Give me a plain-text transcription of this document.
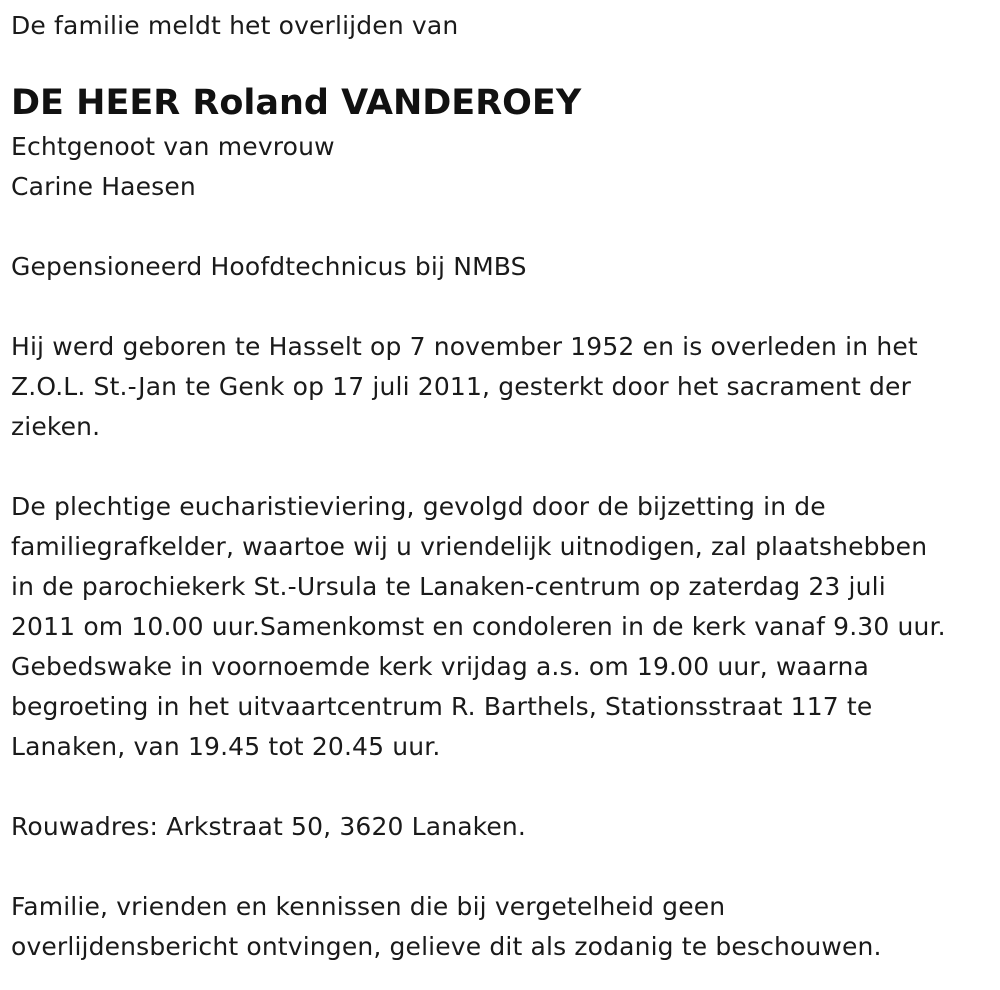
De familie meldt het overlijden van
DE HEER Roland VANDEROEY
Echtgenoot van mevrouw
Carine Haesen
Gepensioneerd Hoofdtechnicus bij NMBS
Hij werd geboren te Hasselt op 7 november 1952 en is overleden in het
Z.O.L. St.-Jan te Genk op 17 juli 2011, gesterkt door het sacrament der
zieken.
De plechtige eucharistieviering, gevolgd door de bijzetting in de
familiegrafkelder, waartoe wij u vriendelijk uitnodigen, zal plaatshebben
in de parochiekerk St.-Ursula te Lanaken-centrum op zaterdag 23 juli
2011 om 10.00 uur.Samenkomst en condoleren in de kerk vanaf 9.30 uur.
Gebedswake in voornoemde kerk vrijdag a.s. om 19.00 uur, waarna
begroeting in het uitvaartcentrum R. Barthels, Stationsstraat 117 te
Lanaken, van 19.45 tot 20.45 uur.
Rouwadres: Arkstraat 50, 3620 Lanaken.
Familie, vrienden en kennissen die bij vergetelheid geen
overlijdensbericht ontvingen, gelieve dit als zodanig te beschouwen.
